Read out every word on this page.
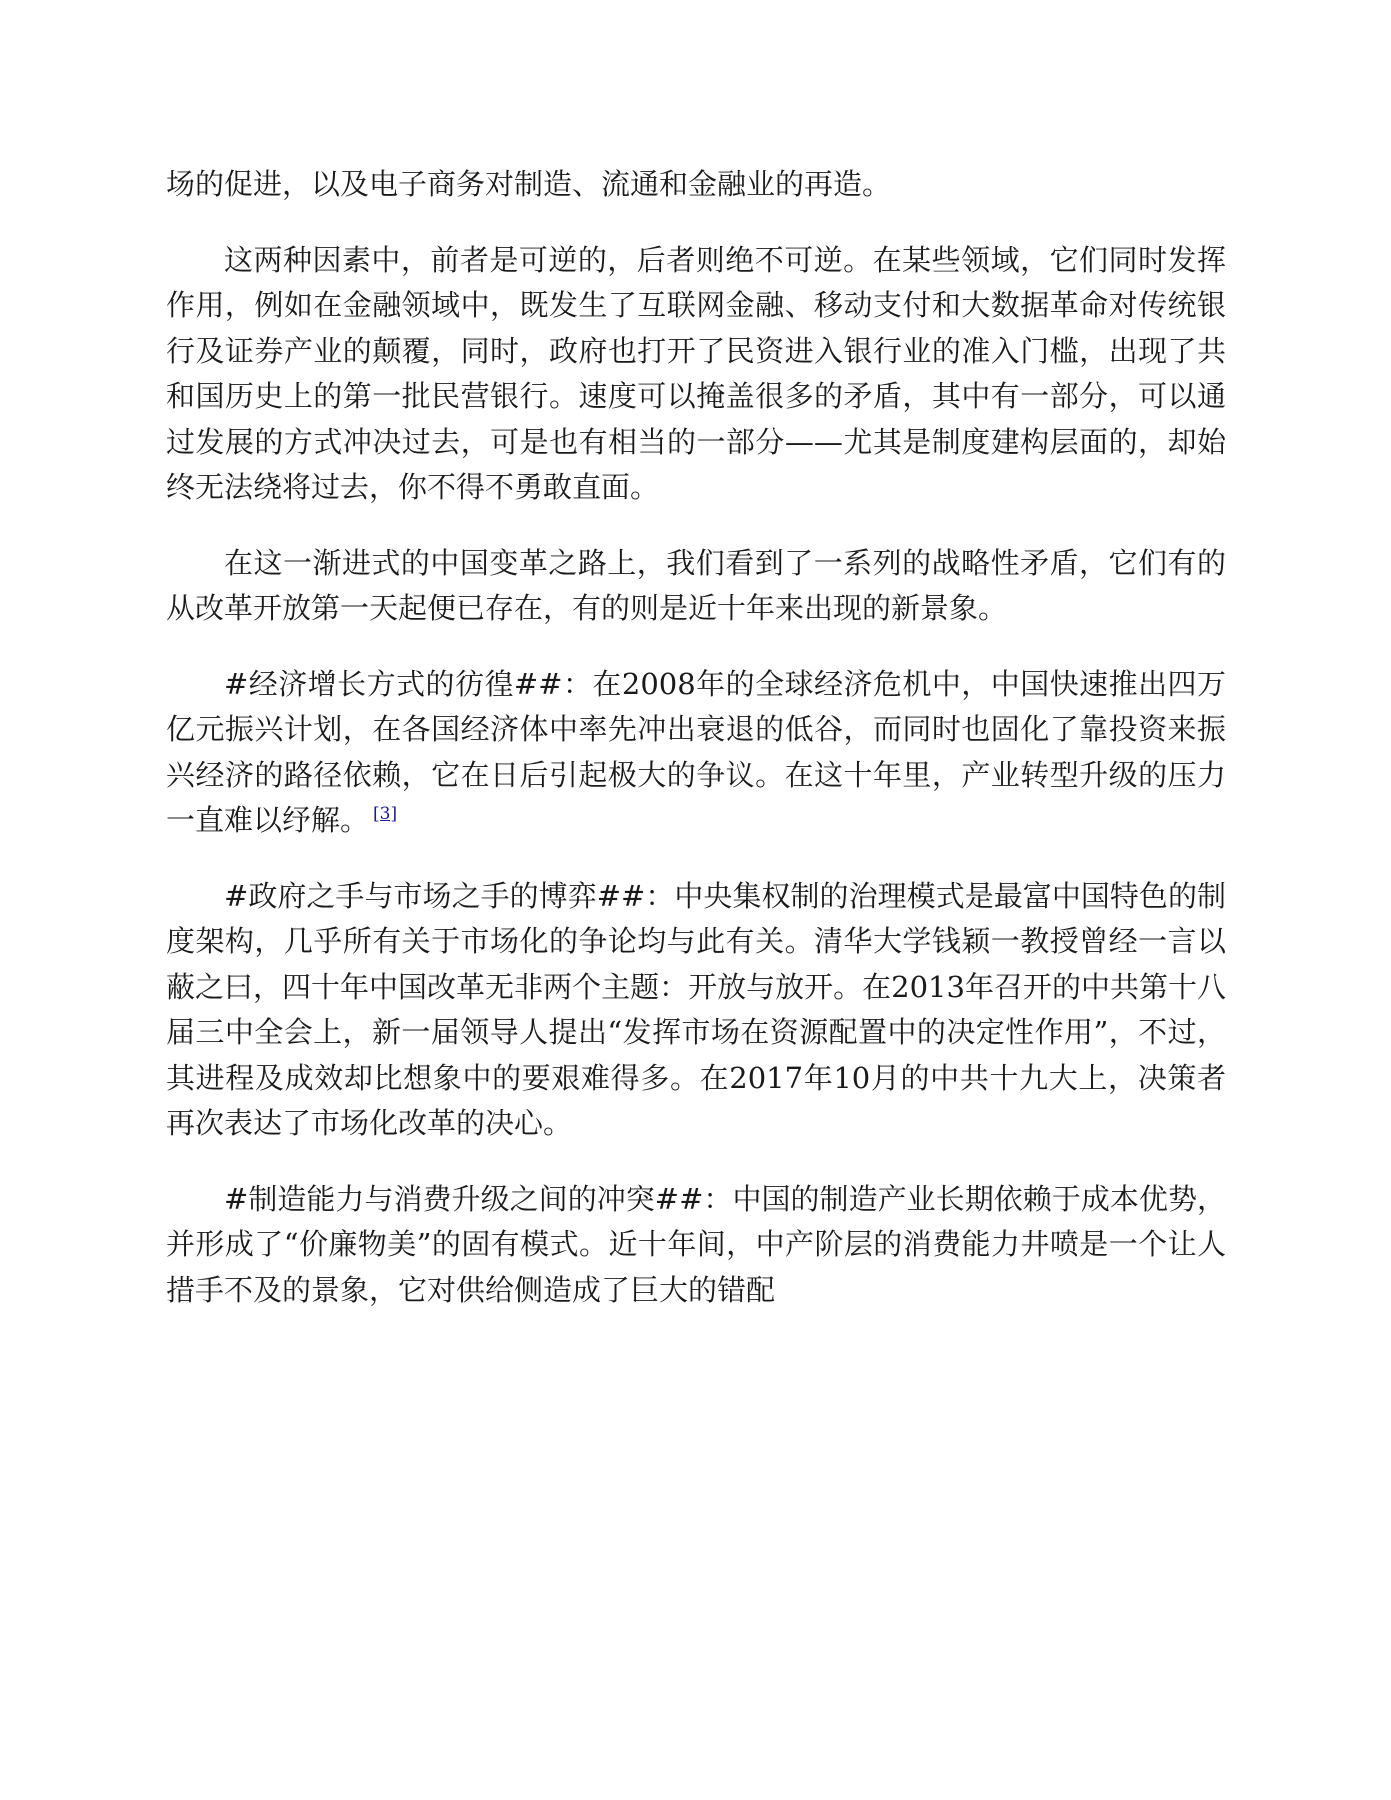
场的促进，以及电子商务对制造、流通和金融业的再造。

这两种因素中，前者是可逆的，后者则绝不可逆。在某些领域，它们同时发挥作用，例如在金融领域中，既发生了互联网金融、移动支付和大数据革命对传统银行及证券产业的颠覆，同时，政府也打开了民资进入银行业的准入门槛，出现了共和国历史上的第一批民营银行。速度可以掩盖很多的矛盾，其中有一部分，可以通过发展的方式冲决过去，可是也有相当的一部分——尤其是制度建构层面的，却始终无法绕将过去，你不得不勇敢直面。

在这一渐进式的中国变革之路上，我们看到了一系列的战略性矛盾，它们有的从改革开放第一天起便已存在，有的则是近十年来出现的新景象。

#经济增长方式的彷徨##：在2008年的全球经济危机中，中国快速推出四万亿元振兴计划，在各国经济体中率先冲出衰退的低谷，而同时也固化了靠投资来振兴经济的路径依赖，它在日后引起极大的争议。在这十年里，产业转型升级的压力一直难以纾解。 [3]

#政府之手与市场之手的博弈##：中央集权制的治理模式是最富中国特色的制度架构，几乎所有关于市场化的争论均与此有关。清华大学钱颖一教授曾经一言以蔽之曰，四十年中国改革无非两个主题：开放与放开。在2013年召开的中共第十八届三中全会上，新一届领导人提出“发挥市场在资源配置中的决定性作用”，不过，其进程及成效却比想象中的要艰难得多。在2017年10月的中共十九大上，决策者再次表达了市场化改革的决心。

#制造能力与消费升级之间的冲突##：中国的制造产业长期依赖于成本优势，并形成了“价廉物美”的固有模式。近十年间，中产阶层的消费能力井喷是一个让人措手不及的景象，它对供给侧造成了巨大的错配
